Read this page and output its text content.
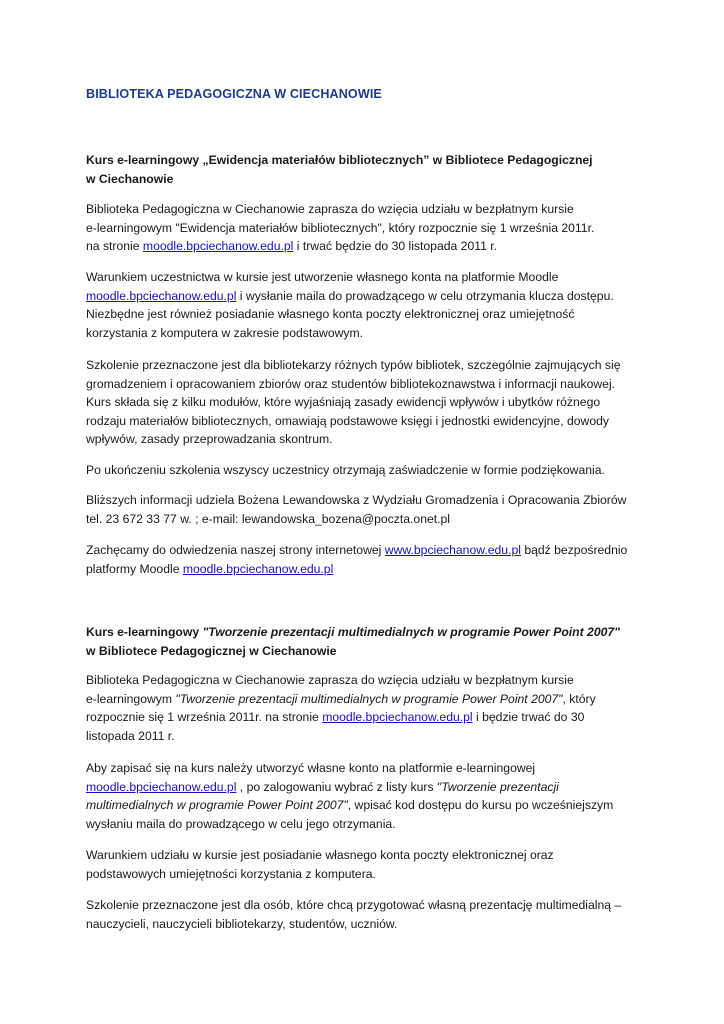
BIBLIOTEKA PEDAGOGICZNA W CIECHANOWIE

Kurs e-learningowy „Ewidencja materiałów bibliotecznych” w Bibliotece Pedagogicznej
w Ciechanowie

Biblioteka Pedagogiczna w Ciechanowie zaprasza do wzięcia udziału w bezpłatnym kursie
e-learningowym "Ewidencja materiałów bibliotecznych", który rozpocznie się 1 września 2011r.
na stronie moodle.bpciechanow.edu.pl i trwać będzie do 30 listopada 2011 r.

Warunkiem uczestnictwa w kursie jest utworzenie własnego konta na platformie Moodle
moodle.bpciechanow.edu.pl i wysłanie maila do prowadzącego w celu otrzymania klucza dostępu.
Niezbędne jest również posiadanie własnego konta poczty elektronicznej oraz umiejętność
korzystania z komputera w zakresie podstawowym.

Szkolenie przeznaczone jest dla bibliotekarzy różnych typów bibliotek, szczególnie zajmujących się
gromadzeniem i opracowaniem zbiorów oraz studentów bibliotekoznawstwa i informacji naukowej.
Kurs składa się z kilku modułów, które wyjaśniają zasady ewidencji wpływów i ubytków różnego
rodzaju materiałów bibliotecznych, omawiają podstawowe księgi i jednostki ewidencyjne, dowody
wpływów, zasady przeprowadzania skontrum.

Po ukończeniu szkolenia wszyscy uczestnicy otrzymają zaświadczenie w formie podziękowania.

Bliższych informacji udziela Bożena Lewandowska z Wydziału Gromadzenia i Opracowania Zbiorów
tel. 23 672 33 77 w. ; e-mail: lewandowska_bozena@poczta.onet.pl

Zachęcamy do odwiedzenia naszej strony internetowej www.bpciechanow.edu.pl bądź bezpośrednio
platformy Moodle moodle.bpciechanow.edu.pl

Kurs e-learningowy "Tworzenie prezentacji multimedialnych w programie Power Point 2007"
w Bibliotece Pedagogicznej w Ciechanowie

Biblioteka Pedagogiczna w Ciechanowie zaprasza do wzięcia udziału w bezpłatnym kursie
e-learningowym "Tworzenie prezentacji multimedialnych w programie Power Point 2007", który
rozpocznie się 1 września 2011r. na stronie moodle.bpciechanow.edu.pl i będzie trwać do 30
listopada 2011 r.

Aby zapisać się na kurs należy utworzyć własne konto na platformie e-learningowej
moodle.bpciechanow.edu.pl , po zalogowaniu wybrać z listy kurs "Tworzenie prezentacji
multimedialnych w programie Power Point 2007", wpisać kod dostępu do kursu po wcześniejszym
wysłaniu maila do prowadzącego w celu jego otrzymania.

Warunkiem udziału w kursie jest posiadanie własnego konta poczty elektronicznej oraz
podstawowych umiejętności korzystania z komputera.

Szkolenie przeznaczone jest dla osób, które chcą przygotować własną prezentację multimedialną –
nauczycieli, nauczycieli bibliotekarzy, studentów, uczniów.
